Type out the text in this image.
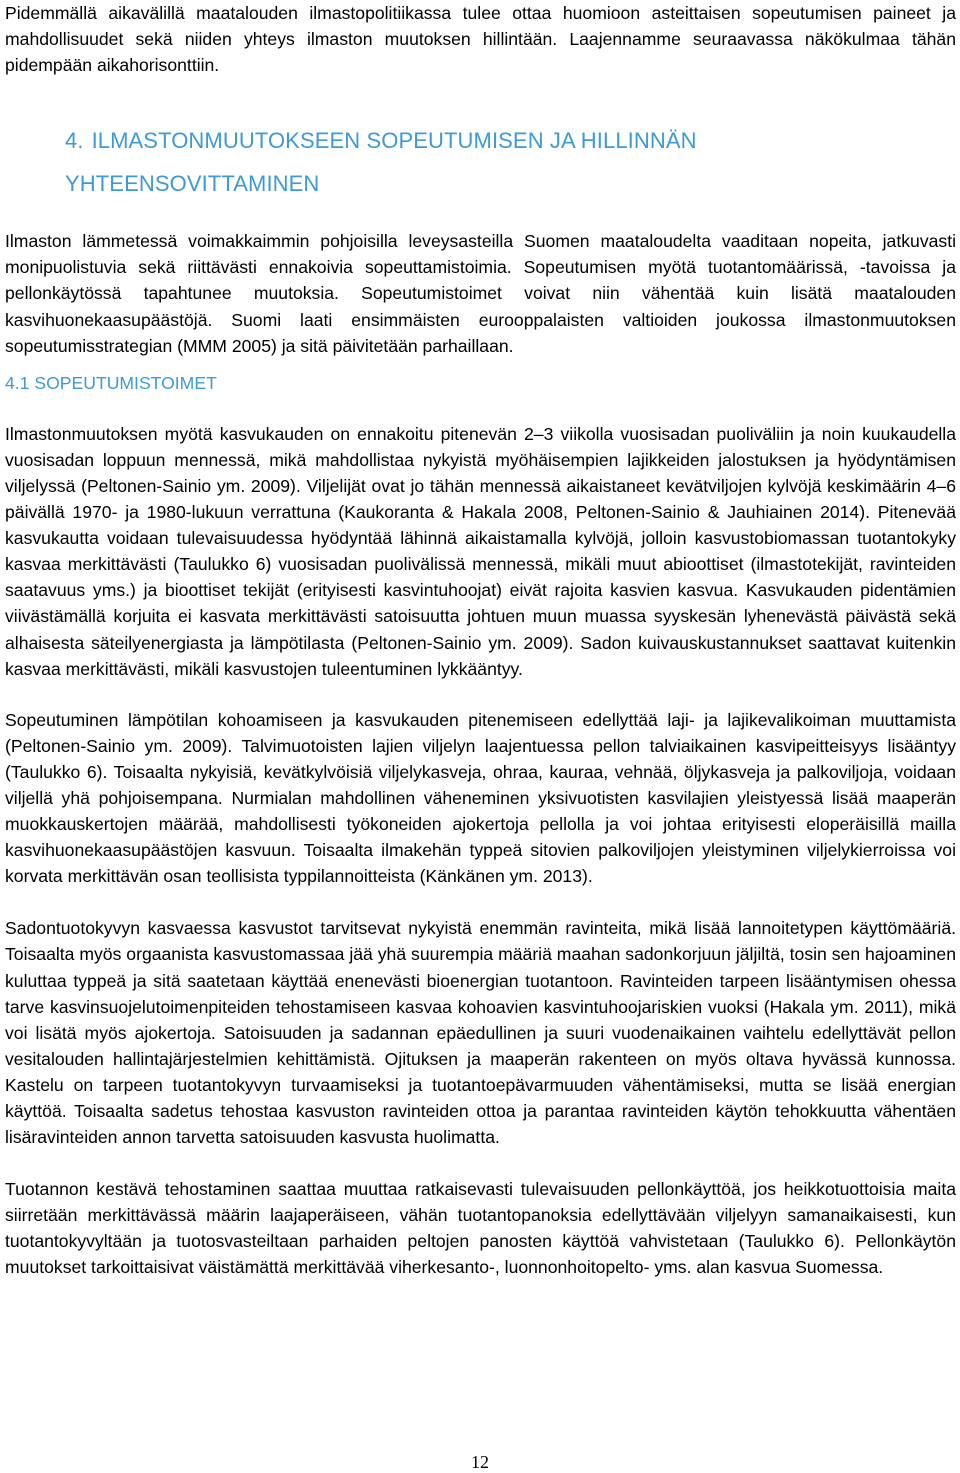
Pidemmällä aikavälillä maatalouden ilmastopolitiikassa tulee ottaa huomioon asteittaisen sopeutumisen paineet ja mahdollisuudet sekä niiden yhteys ilmaston muutoksen hillintään. Laajennamme seuraavassa näkökulmaa tähän pidempään aikahorisonttiin.

4. ILMASTONMUUTOKSEEN SOPEUTUMISEN JA HILLINNÄN
YHTEENSOVITTAMINEN

Ilmaston lämmetessä voimakkaimmin pohjoisilla leveysasteilla Suomen maataloudelta vaaditaan nopeita, jatkuvasti monipuolistuvia sekä riittävästi ennakoivia sopeuttamistoimia. Sopeutumisen myötä tuotantomäärissä, -tavoissa ja pellonkäytössä tapahtunee muutoksia. Sopeutumistoimet voivat niin vähentää kuin lisätä maatalouden kasvihuonekaasupäästöjä. Suomi laati ensimmäisten eurooppalaisten valtioiden joukossa ilmastonmuutoksen sopeutumisstrategian (MMM 2005) ja sitä päivitetään parhaillaan.

4.1 SOPEUTUMISTOIMET

Ilmastonmuutoksen myötä kasvukauden on ennakoitu pitenevän 2–3 viikolla vuosisadan puoliväliin ja noin kuukaudella vuosisadan loppuun mennessä, mikä mahdollistaa nykyistä myöhäisempien lajikkeiden jalostuksen ja hyödyntämisen viljelyssä (Peltonen-Sainio ym. 2009). Viljelijät ovat jo tähän mennessä aikaistaneet kevätviljojen kylvöjä keskimäärin 4–6 päivällä 1970- ja 1980-lukuun verrattuna (Kaukoranta & Hakala 2008, Peltonen-Sainio & Jauhiainen 2014). Pitenevää kasvukautta voidaan tulevaisuudessa hyödyntää lähinnä aikaistamalla kylvöjä, jolloin kasvustobiomassan tuotantokyky kasvaa merkittävästi (Taulukko 6) vuosisadan puolivälissä mennessä, mikäli muut abioottiset (ilmastotekijät, ravinteiden saatavuus yms.) ja bioottiset tekijät (erityisesti kasvintuhoojat) eivät rajoita kasvien kasvua. Kasvukauden pidentämien viivästämällä korjuita ei kasvata merkittävästi satoisuutta johtuen muun muassa syyskesän lyhenevästä päivästä sekä alhaisesta säteilyenergiasta ja lämpötilasta (Peltonen-Sainio ym. 2009). Sadon kuivauskustannukset saattavat kuitenkin kasvaa merkittävästi, mikäli kasvustojen tuleentuminen lykkääntyy.

Sopeutuminen lämpötilan kohoamiseen ja kasvukauden pitenemiseen edellyttää laji- ja lajikevalikoiman muuttamista (Peltonen-Sainio ym. 2009). Talvimuotoisten lajien viljelyn laajentuessa pellon talviaikainen kasvipeitteisyys lisääntyy (Taulukko 6). Toisaalta nykyisiä, kevätkylvöisiä viljelykasveja, ohraa, kauraa, vehnää, öljykasveja ja palkoviljoja, voidaan viljellä yhä pohjoisempana. Nurmialan mahdollinen väheneminen yksivuotisten kasvilajien yleistyessä lisää maaperän muokkauskertojen määrää, mahdollisesti työkoneiden ajokertoja pellolla ja voi johtaa erityisesti eloperäisillä mailla kasvihuonekaasupäästöjen kasvuun. Toisaalta ilmakehän typpeä sitovien palkoviljojen yleistyminen viljelykierroissa voi korvata merkittävän osan teollisista typpilannoitteista (Känkänen ym. 2013).

Sadontuotokyvyn kasvaessa kasvustot tarvitsevat nykyistä enemmän ravinteita, mikä lisää lannoitetypen käyttömääriä. Toisaalta myös orgaanista kasvustomassaa jää yhä suurempia määriä maahan sadonkorjuun jäljiltä, tosin sen hajoaminen kuluttaa typpeä ja sitä saatetaan käyttää enenevästi bioenergian tuotantoon. Ravinteiden tarpeen lisääntymisen ohessa tarve kasvinsuojelutoimenpiteiden tehostamiseen kasvaa kohoavien kasvintuhoojariskien vuoksi (Hakala ym. 2011), mikä voi lisätä myös ajokertoja. Satoisuuden ja sadannan epäedullinen ja suuri vuodenaikainen vaihtelu edellyttävät pellon vesitalouden hallintajärjestelmien kehittämistä. Ojituksen ja maaperän rakenteen on myös oltava hyvässä kunnossa. Kastelu on tarpeen tuotantokyvyn turvaamiseksi ja tuotantoepävarmuuden vähentämiseksi, mutta se lisää energian käyttöä. Toisaalta sadetus tehostaa kasvuston ravinteiden ottoa ja parantaa ravinteiden käytön tehokkuutta vähentäen lisäravinteiden annon tarvetta satoisuuden kasvusta huolimatta.

Tuotannon kestävä tehostaminen saattaa muuttaa ratkaisevasti tulevaisuuden pellonkäyttöä, jos heikkotuottoisia maita siirretään merkittävässä määrin laajaperäiseen, vähän tuotantopanoksia edellyttävään viljelyyn samanaikaisesti, kun tuotantokyvyltään ja tuotosvasteiltaan parhaiden peltojen panosten käyttöä vahvistetaan (Taulukko 6). Pellonkäytön muutokset tarkoittaisivat väistämättä merkittävää viherkesanto-, luonnonhoitopelto- yms. alan kasvua Suomessa.

12
